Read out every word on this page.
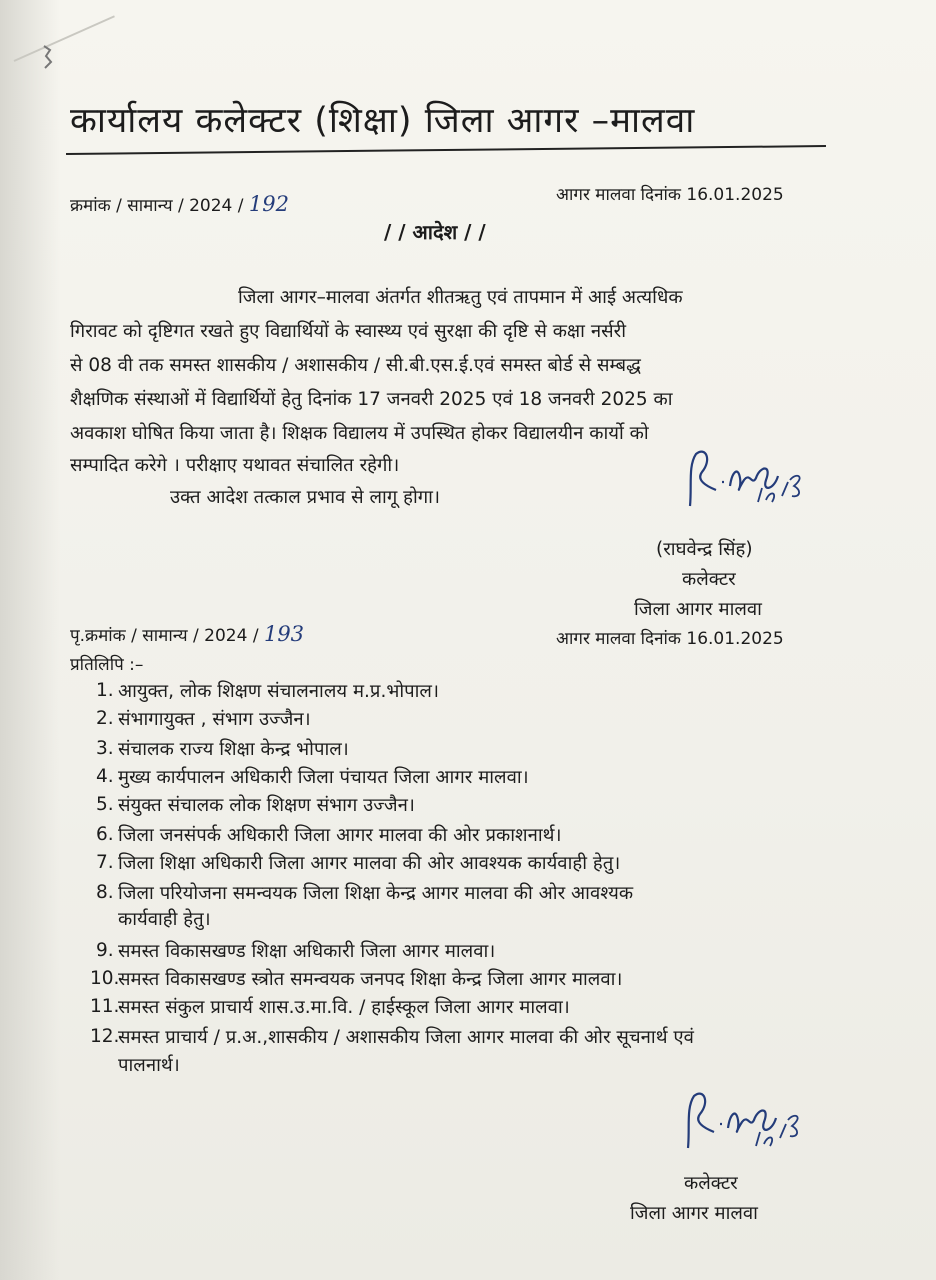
कार्यालय कलेक्टर (शिक्षा) जिला आगर –मालवा
क्रमांक / सामान्य / 2024 / 192	आगर मालवा दिनांक 16.01.2025
/ / आदेश / /
जिला आगर–मालवा अंतर्गत शीतऋतु एवं तापमान में आई अत्यधिक
गिरावट को दृष्टिगत रखते हुए विद्यार्थियों के स्वास्थ्य एवं सुरक्षा की दृष्टि से कक्षा नर्सरी
से 08 वी तक समस्त शासकीय / अशासकीय / सी.बी.एस.ई.एवं समस्त बोर्ड से सम्बद्ध
शैक्षणिक संस्थाओं में विद्यार्थियों हेतु दिनांक 17 जनवरी 2025 एवं 18 जनवरी 2025 का
अवकाश घोषित किया जाता है। शिक्षक विद्यालय में उपस्थित होकर विद्यालयीन कार्यो को
सम्पादित करेगे । परीक्षाए यथावत संचालित रहेगी।
उक्त आदेश तत्काल प्रभाव से लागू होगा।
(राघवेन्द्र सिंह)
कलेक्टर
जिला आगर मालवा
पृ.क्रमांक / सामान्य / 2024 / 193	आगर मालवा दिनांक 16.01.2025
प्रतिलिपि :–
1. आयुक्त, लोक शिक्षण संचालनालय म.प्र.भोपाल।
2. संभागायुक्त , संभाग उज्जैन।
3. संचालक राज्य शिक्षा केन्द्र भोपाल।
4. मुख्य कार्यपालन अधिकारी जिला पंचायत जिला आगर मालवा।
5. संयुक्त संचालक लोक शिक्षण संभाग उज्जैन।
6. जिला जनसंपर्क अधिकारी जिला आगर मालवा की ओर प्रकाशनार्थ।
7. जिला शिक्षा अधिकारी जिला आगर मालवा की ओर आवश्यक कार्यवाही हेतु।
8. जिला परियोजना समन्वयक जिला शिक्षा केन्द्र आगर मालवा की ओर आवश्यक
कार्यवाही हेतु।
9. समस्त विकासखण्ड शिक्षा अधिकारी जिला आगर मालवा।
10.
समस्त विकासखण्ड स्त्रोत समन्वयक जनपद शिक्षा केन्द्र जिला आगर मालवा।
11.
समस्त संकुल प्राचार्य शास.उ.मा.वि. / हाईस्कूल जिला आगर मालवा।
12.
समस्त प्राचार्य / प्र.अ.,शासकीय / अशासकीय जिला आगर मालवा की ओर सूचनार्थ एवं
पालनार्थ।
कलेक्टर
जिला आगर मालवा
